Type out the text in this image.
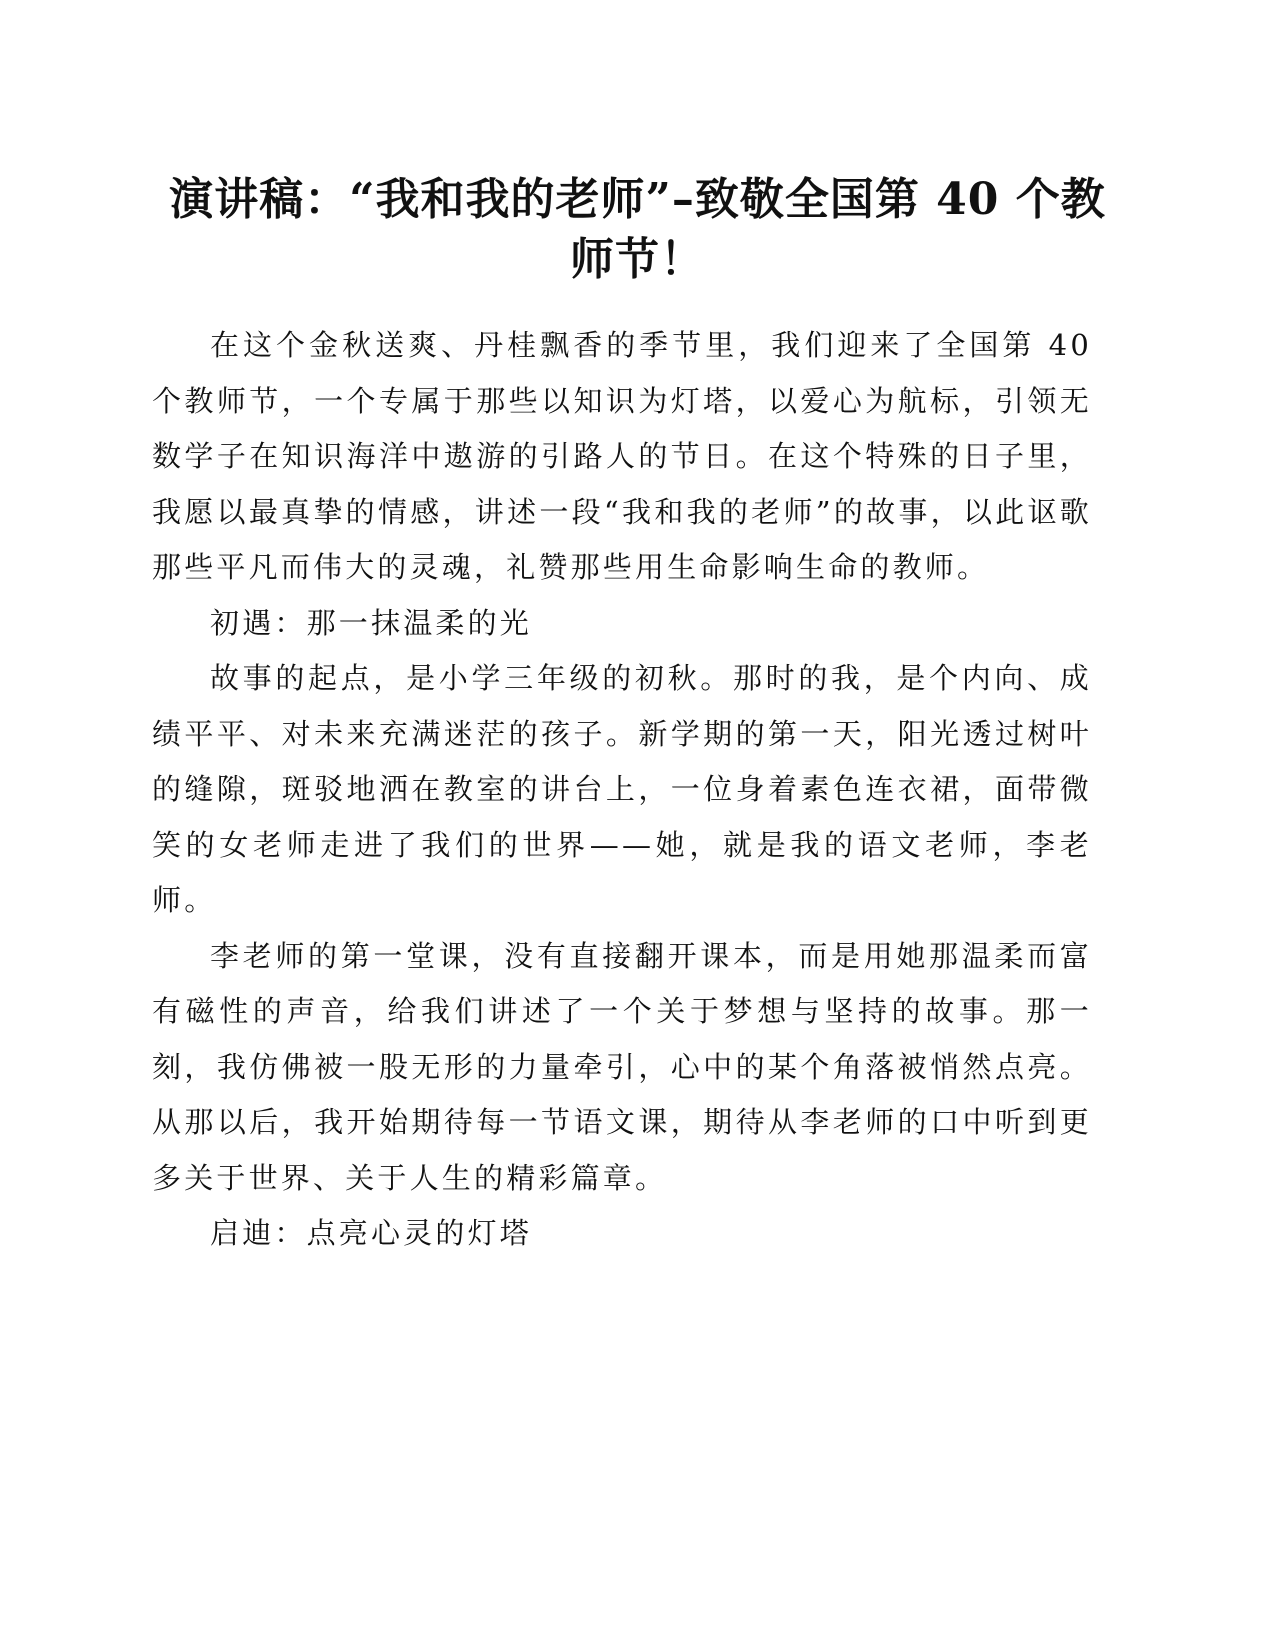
演讲稿：“我和我的老师”–致敬全国第 40 个教师节！

在这个金秋送爽、丹桂飘香的季节里，我们迎来了全国第 40 个教师节，一个专属于那些以知识为灯塔，以爱心为航标，引领无数学子在知识海洋中遨游的引路人的节日。在这个特殊的日子里，我愿以最真挚的情感，讲述一段“我和我的老师”的故事，以此讴歌那些平凡而伟大的灵魂，礼赞那些用生命影响生命的教师。

初遇：那一抹温柔的光

故事的起点，是小学三年级的初秋。那时的我，是个内向、成绩平平、对未来充满迷茫的孩子。新学期的第一天，阳光透过树叶的缝隙，斑驳地洒在教室的讲台上，一位身着素色连衣裙，面带微笑的女老师走进了我们的世界——她，就是我的语文老师，李老师。

李老师的第一堂课，没有直接翻开课本，而是用她那温柔而富有磁性的声音，给我们讲述了一个关于梦想与坚持的故事。那一刻，我仿佛被一股无形的力量牵引，心中的某个角落被悄然点亮。从那以后，我开始期待每一节语文课，期待从李老师的口中听到更多关于世界、关于人生的精彩篇章。

启迪：点亮心灵的灯塔
